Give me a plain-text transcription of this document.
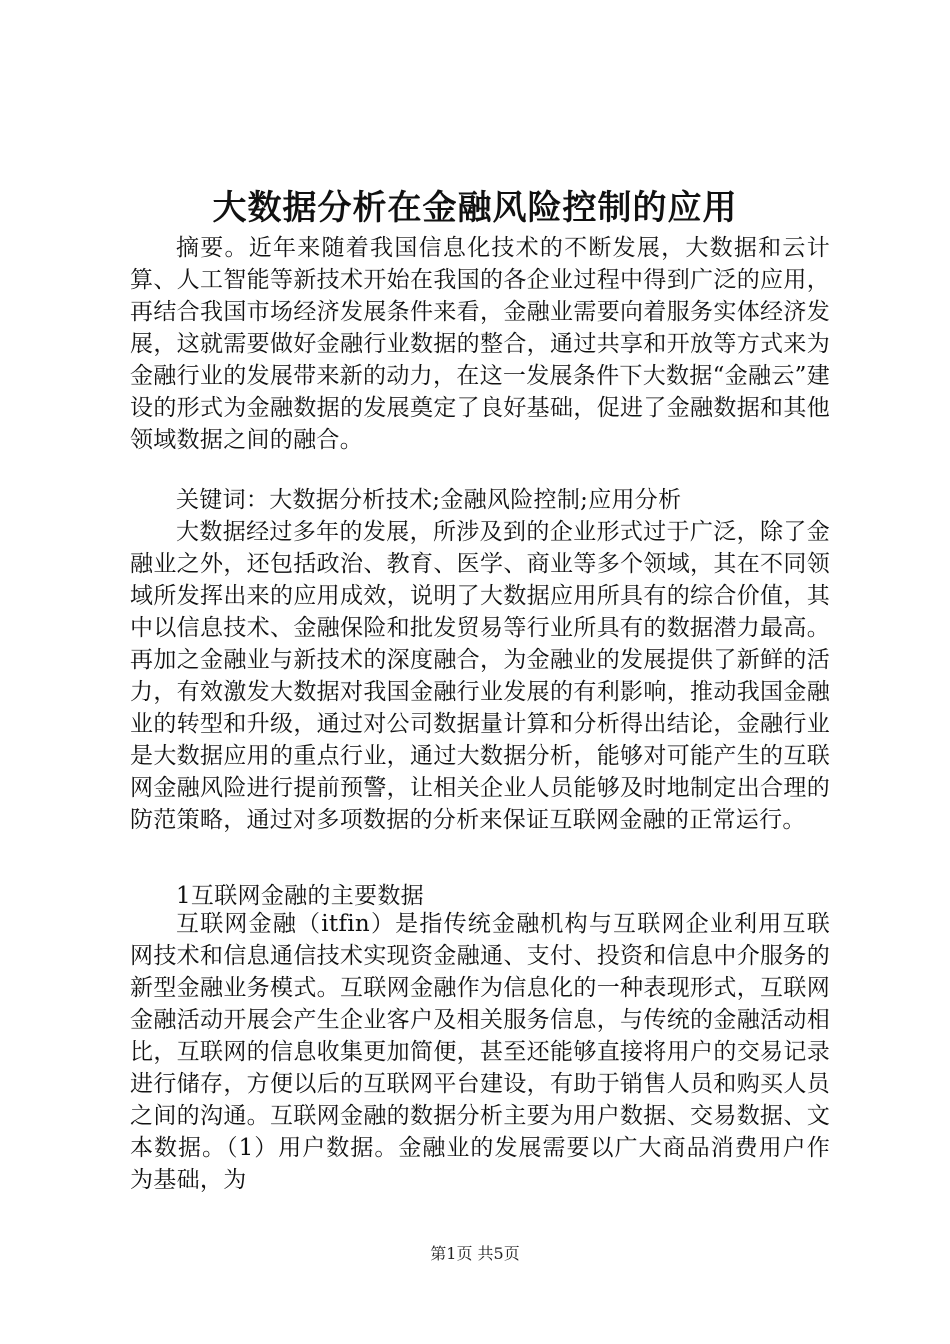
大数据分析在金融风险控制的应用

摘要。近年来随着我国信息化技术的不断发展，大数据和云计算、人工智能等新技术开始在我国的各企业过程中得到广泛的应用，再结合我国市场经济发展条件来看，金融业需要向着服务实体经济发展，这就需要做好金融行业数据的整合，通过共享和开放等方式来为金融行业的发展带来新的动力，在这一发展条件下大数据“金融云”建设的形式为金融数据的发展奠定了良好基础，促进了金融数据和其他领域数据之间的融合。

关键词：大数据分析技术;金融风险控制;应用分析

大数据经过多年的发展，所涉及到的企业形式过于广泛，除了金融业之外，还包括政治、教育、医学、商业等多个领域，其在不同领域所发挥出来的应用成效，说明了大数据应用所具有的综合价值，其中以信息技术、金融保险和批发贸易等行业所具有的数据潜力最高。再加之金融业与新技术的深度融合，为金融业的发展提供了新鲜的活力，有效激发大数据对我国金融行业发展的有利影响，推动我国金融业的转型和升级，通过对公司数据量计算和分析得出结论，金融行业是大数据应用的重点行业，通过大数据分析，能够对可能产生的互联网金融风险进行提前预警，让相关企业人员能够及时地制定出合理的防范策略，通过对多项数据的分析来保证互联网金融的正常运行。

1互联网金融的主要数据

互联网金融（itfin）是指传统金融机构与互联网企业利用互联网技术和信息通信技术实现资金融通、支付、投资和信息中介服务的新型金融业务模式。互联网金融作为信息化的一种表现形式，互联网金融活动开展会产生企业客户及相关服务信息，与传统的金融活动相比，互联网的信息收集更加简便，甚至还能够直接将用户的交易记录进行储存，方便以后的互联网平台建设，有助于销售人员和购买人员之间的沟通。互联网金融的数据分析主要为用户数据、交易数据、文本数据。（1）用户数据。金融业的发展需要以广大商品消费用户作为基础，为

第1页 共5页
